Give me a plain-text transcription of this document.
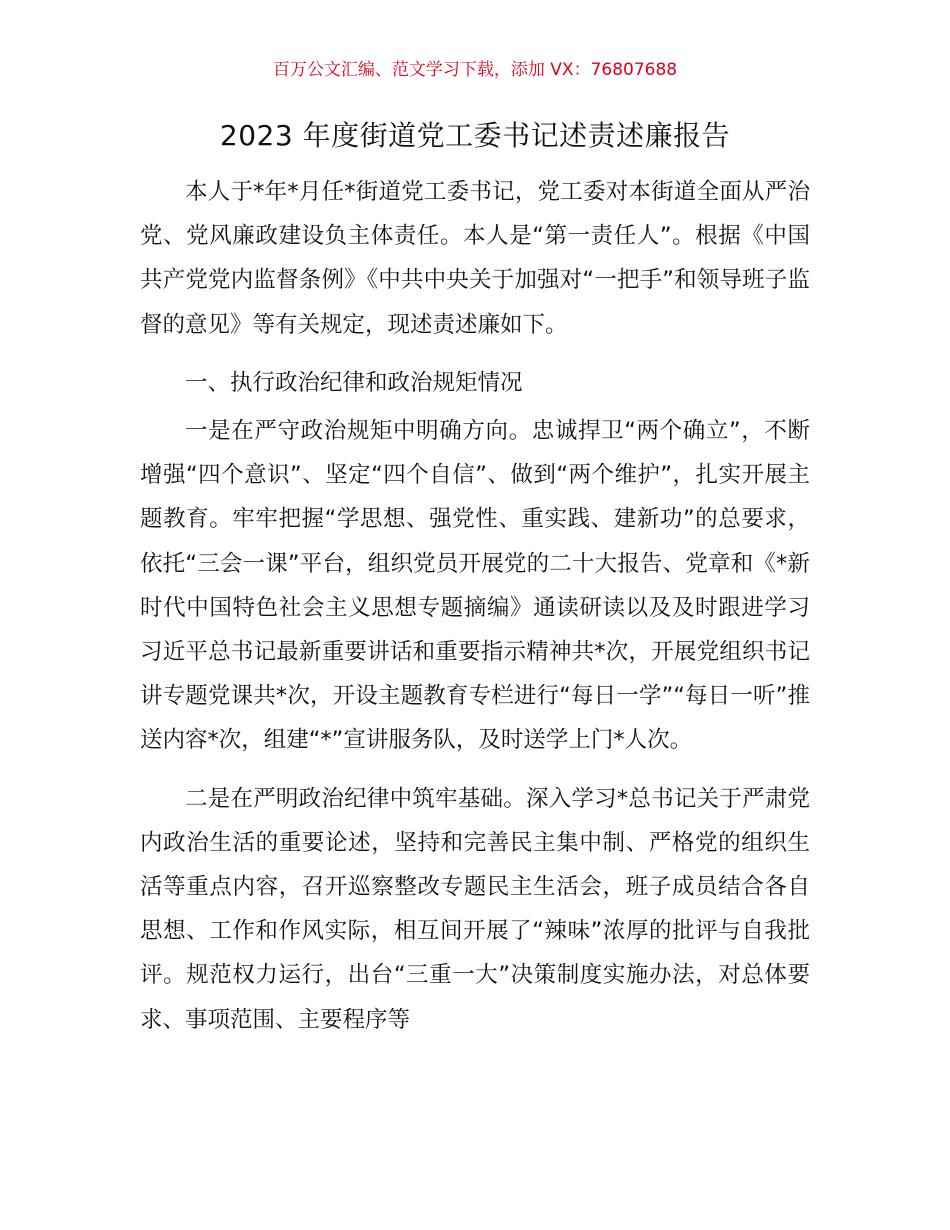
百万公文汇编、范文学习下载，添加 VX：76807688
2023 年度街道党工委书记述责述廉报告

本人于*年*月任*街道党工委书记，党工委对本街道全面从严治党、党风廉政建设负主体责任。本人是“第一责任人”。根据《中国共产党党内监督条例》《中共中央关于加强对“一把手”和领导班子监督的意见》等有关规定，现述责述廉如下。

一、执行政治纪律和政治规矩情况

一是在严守政治规矩中明确方向。忠诚捍卫“两个确立”，不断增强“四个意识”、坚定“四个自信”、做到“两个维护”，扎实开展主题教育。牢牢把握“学思想、强党性、重实践、建新功”的总要求，依托“三会一课”平台，组织党员开展党的二十大报告、党章和《*新时代中国特色社会主义思想专题摘编》通读研读以及及时跟进学习习近平总书记最新重要讲话和重要指示精神共*次，开展党组织书记讲专题党课共*次，开设主题教育专栏进行“每日一学”“每日一听”推送内容*次，组建“*”宣讲服务队，及时送学上门*人次。

二是在严明政治纪律中筑牢基础。深入学习*总书记关于严肃党内政治生活的重要论述，坚持和完善民主集中制、严格党的组织生活等重点内容，召开巡察整改专题民主生活会，班子成员结合各自思想、工作和作风实际，相互间开展了“辣味”浓厚的批评与自我批评。规范权力运行，出台“三重一大”决策制度实施办法，对总体要求、事项范围、主要程序等
